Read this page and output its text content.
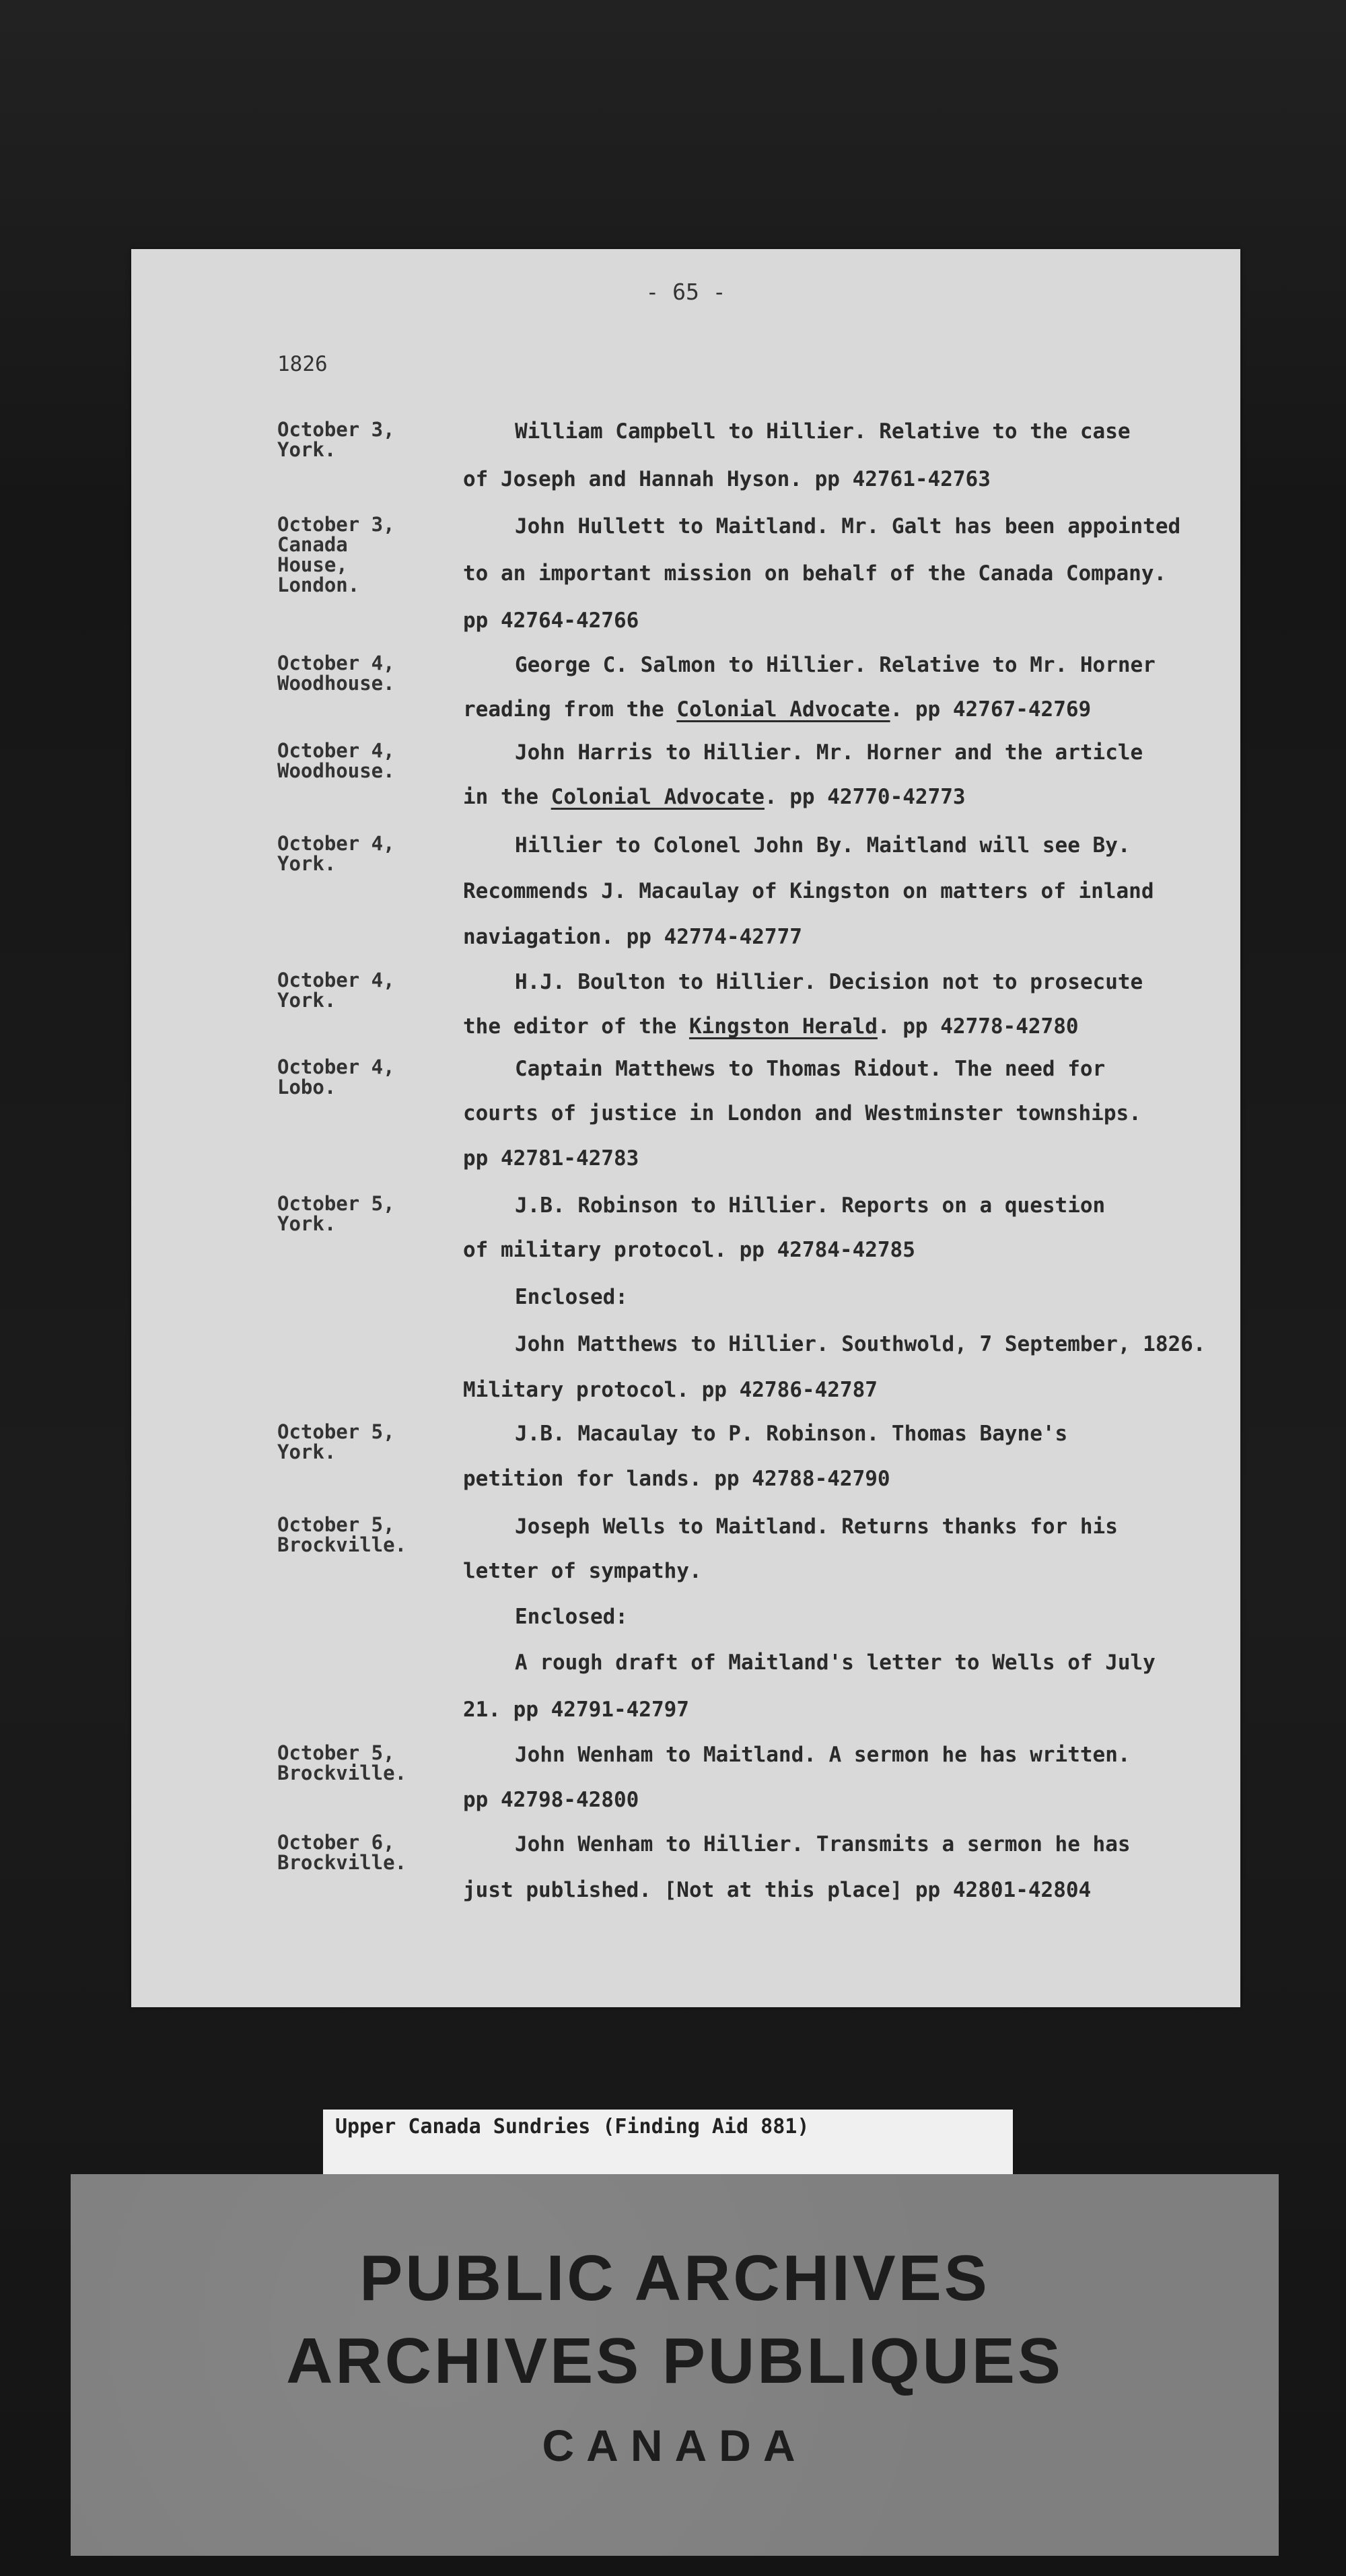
- 65 -
1826
October 3,
York.
William Campbell to Hillier. Relative to the case
of Joseph and Hannah Hyson. pp 42761-42763
October 3,
Canada
House,
London.
John Hullett to Maitland. Mr. Galt has been appointed
to an important mission on behalf of the Canada Company.
pp 42764-42766
October 4,
Woodhouse.
George C. Salmon to Hillier. Relative to Mr. Horner
reading from the Colonial Advocate. pp 42767-42769
October 4,
Woodhouse.
John Harris to Hillier. Mr. Horner and the article
in the Colonial Advocate. pp 42770-42773
October 4,
York.
Hillier to Colonel John By. Maitland will see By.
Recommends J. Macaulay of Kingston on matters of inland
naviagation. pp 42774-42777
October 4,
York.
H.J. Boulton to Hillier. Decision not to prosecute
the editor of the Kingston Herald. pp 42778-42780
October 4,
Lobo.
Captain Matthews to Thomas Ridout. The need for
courts of justice in London and Westminster townships.
pp 42781-42783
October 5,
York.
J.B. Robinson to Hillier. Reports on a question
of military protocol. pp 42784-42785
Enclosed:
John Matthews to Hillier. Southwold, 7 September, 1826.
Military protocol. pp 42786-42787
October 5,
York.
J.B. Macaulay to P. Robinson. Thomas Bayne's
petition for lands. pp 42788-42790
October 5,
Brockville.
Joseph Wells to Maitland. Returns thanks for his
letter of sympathy.
Enclosed:
A rough draft of Maitland's letter to Wells of July
21. pp 42791-42797
October 5,
Brockville.
John Wenham to Maitland. A sermon he has written.
pp 42798-42800
October 6,
Brockville.
John Wenham to Hillier. Transmits a sermon he has
just published. [Not at this place] pp 42801-42804
Upper Canada Sundries (Finding Aid 881)
PUBLIC ARCHIVES
ARCHIVES PUBLIQUES
CANADA
